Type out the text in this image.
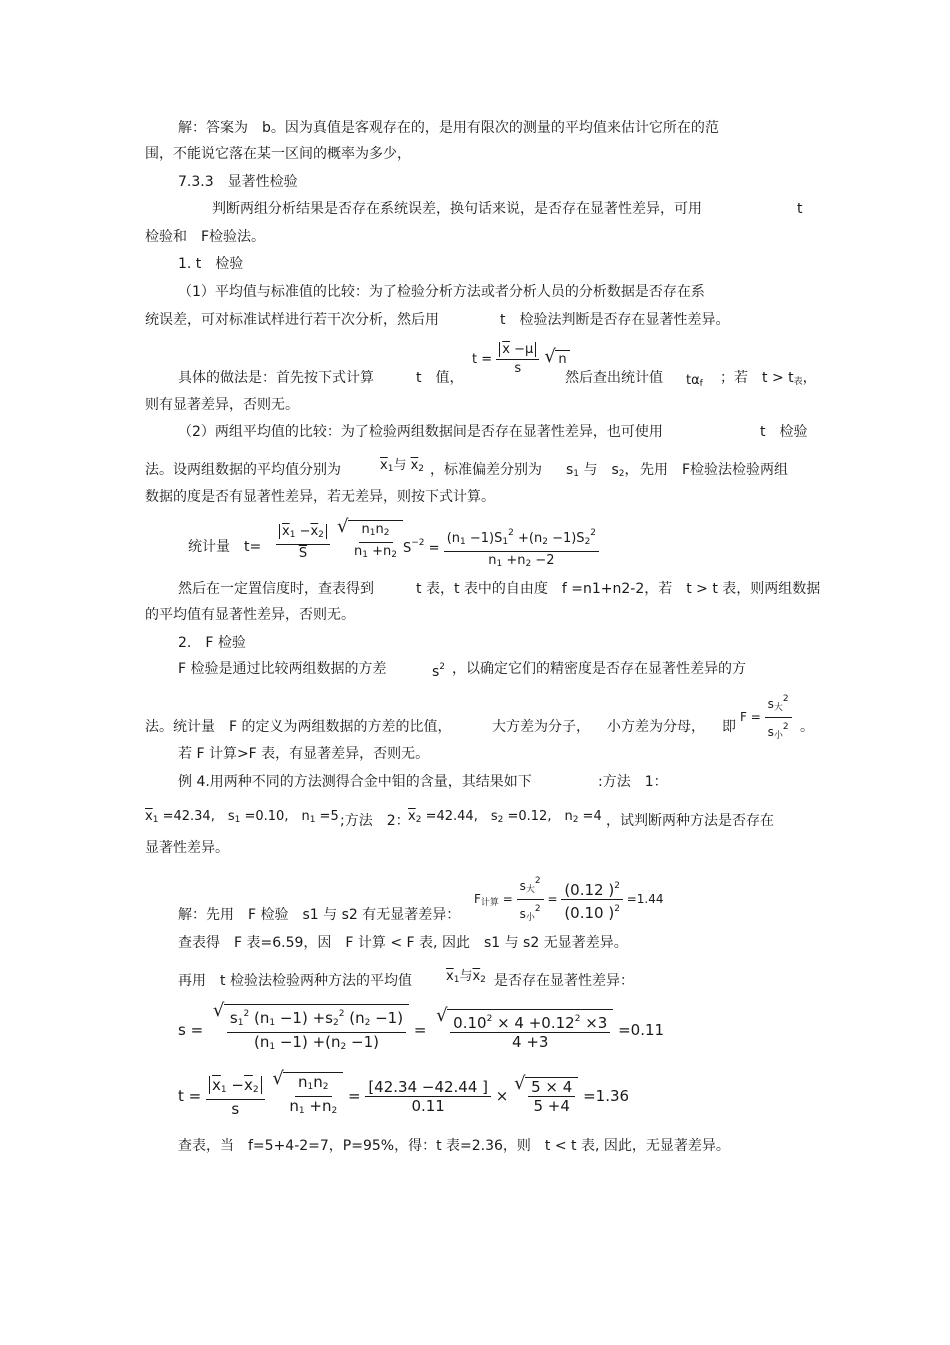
解：答案为　b。因为真值是客观存在的，是用有限次的测量的平均值来估计它所在的范
围，不能说它落在某一区间的概率为多少，
7.3.3　显著性检验
判断两组分析结果是否存在系统误差，换句话来说，是否存在显著性差异，可用	t
检验和　F检验法。
1. t　检验
（1）平均值与标准值的比较：为了检验分析方法或者分析人员的分析数据是否存在系
统误差，可对标准试样进行若干次分析，然后用	t　检验法判断是否存在显著性差异。
具体的做法是：首先按下式计算	t　值，
$t = \frac{\overline{x} -\mu}{s}$ √ n
然后查出统计值 tαf ；若　t > t表，
则有显著差异，否则无。
（2）两组平均值的比较：为了检验两组数据间是否存在显著性差异，也可使用	t　检验
法。设两组数据的平均值分别为	$\overline{x}1$与 $\overline{x}2$ ，标准偏差分别为 s1 与　s2， 先用　F检验法检验两组
数据的度是否有显著性差异，若无差异，则按下式计算。
统计量　$t= \frac{\overline{x}1 -\overline{x}2}{S}$
√ $\frac{n1n2}{n1 +n2} S^{-2} = \frac{(n1 -1)S1^2 +(n2 -1)S2^2}{n1 +n2 -2}$
然后在一定置信度时，查表得到	t 表，t 表中的自由度　f =n1+n2-2，若　t > t 表，则两组数据
的平均值有显著性差异，否则无。
2.　F 检验
F 检验是通过比较两组数据的方差	$s^2$ ，以确定它们的精密度是否存在显著性差异的方
法。统计量　F 的定义为两组数据的方差的比值，	大方差为分子， 小方差为分母， 即
$F = \frac{s大^2}{s小^2}$ 。
若 F 计算>F 表，有显著差异，否则无。
例 4.用两种不同的方法测得合金中钼的含量，其结果如下	:方法　1：
$\overline{x}1 =42.34$,　s1 =0.10,　n1 =5 ;方法　2：
$\overline{x}2 =42.44$,　s2 =0.12,　n2 =4 ，试判断两种方法是否存在
显著性差异。
F计算 = $\frac{s大^2}{s小^2} = \frac{(0.12 )^2}{(0.10 )^2} =1.44$
解：先用　F 检验　s1 与 s2 有无显著差异：
查表得　F 表=6.59，因　F 计算 < F 表, 因此　s1 与 s2 无显著差异。
再用　t 检验法检验两种方法的平均值	$\overline{x}1$与$\overline{x}2$ 是否存在显著性差异：
s = √ $\frac{s1^2 (n1 -1) +s2^2 (n2 -1)}{(n1 -1) +(n2 -1)}$ = √ $\frac{0.10^2 \times 4 +0.12^2 \times 3}{4 +3} =0.11$
$t = \frac{\overline{x}1 -\overline{x}2}{s}$
√ $\frac{n1n2}{n1 +n2} = \frac{[42.34 -42.44 ]}{0.11}$ × √ $\frac{5 \times 4}{5 +4} =1.36$
查表，当　f=5+4-2=7，P=95%，得：t 表=2.36，则　t < t 表, 因此，无显著差异。
